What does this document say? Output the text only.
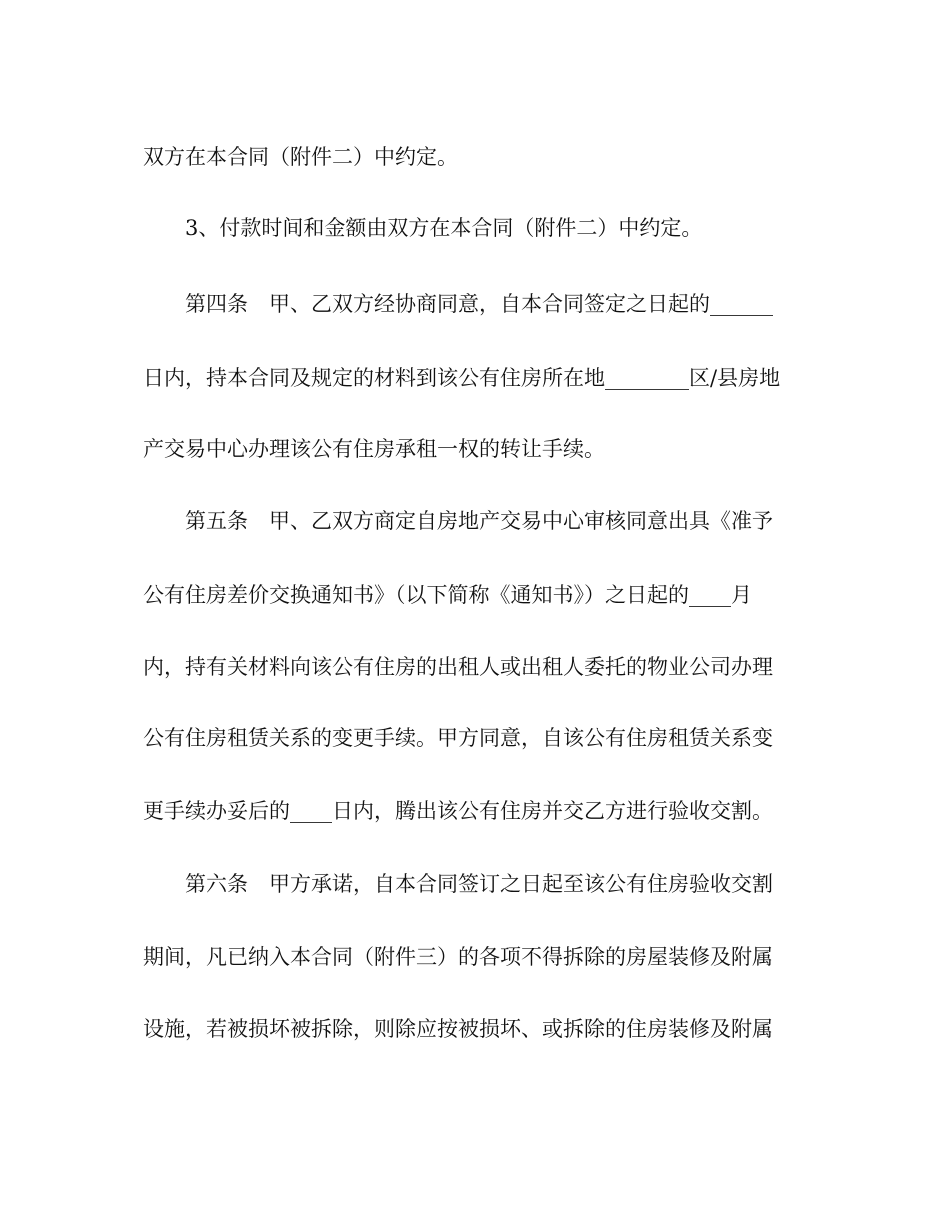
双方在本合同（附件二）中约定。
3、付款时间和金额由双方在本合同（附件二）中约定。
第四条　甲、乙双方经协商同意，自本合同签定之日起的______
日内，持本合同及规定的材料到该公有住房所在地________区/县房地
产交易中心办理该公有住房承租一权的转让手续。
第五条　甲、乙双方商定自房地产交易中心审核同意出具《准予
公有住房差价交换通知书》（以下简称《通知书》）之日起的____月
内，持有关材料向该公有住房的出租人或出租人委托的物业公司办理
公有住房租赁关系的变更手续。甲方同意，自该公有住房租赁关系变
更手续办妥后的____日内，腾出该公有住房并交乙方进行验收交割。
第六条　甲方承诺，自本合同签订之日起至该公有住房验收交割
期间，凡已纳入本合同（附件三）的各项不得拆除的房屋装修及附属
设施，若被损坏被拆除，则除应按被损坏、或拆除的住房装修及附属
